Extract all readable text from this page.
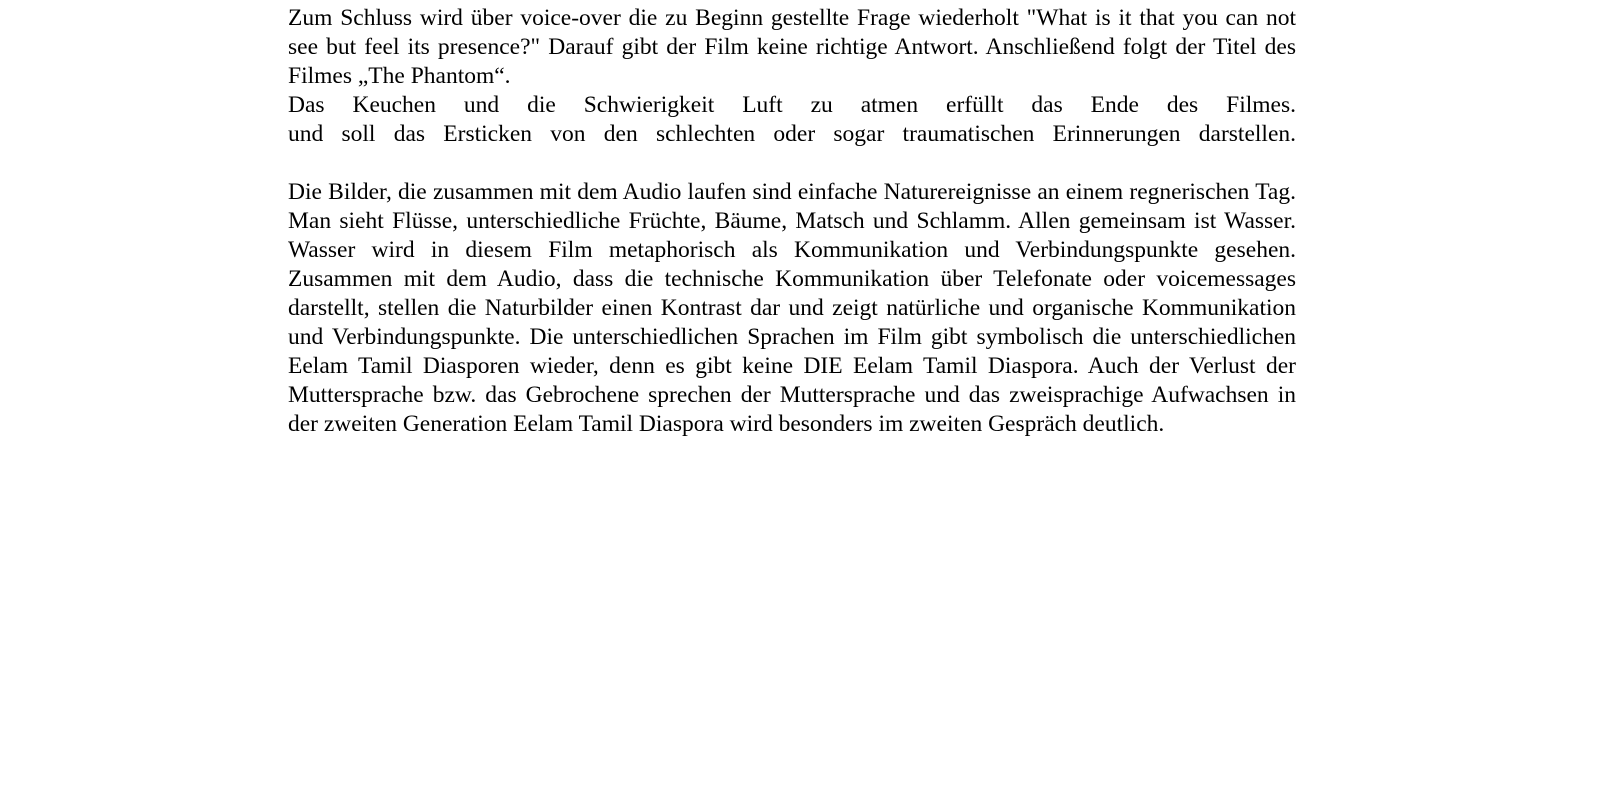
Zum Schluss wird über voice-over die zu Beginn gestellte Frage wiederholt "What is it that you can not see but feel its presence?" Darauf gibt der Film keine richtige Antwort. Anschließend folgt der Titel des Filmes „The Phantom“.

Das Keuchen und die Schwierigkeit Luft zu atmen erfüllt das Ende des Filmes.

und soll das Ersticken von den schlechten oder sogar traumatischen Erinnerungen darstellen.

Die Bilder, die zusammen mit dem Audio laufen sind einfache Naturereignisse an einem regnerischen Tag. Man sieht Flüsse, unterschiedliche Früchte, Bäume, Matsch und Schlamm. Allen gemeinsam ist Wasser. Wasser wird in diesem Film metaphorisch als Kommunikation und Verbindungspunkte gesehen. Zusammen mit dem Audio, dass die technische Kommunikation über Telefonate oder voicemessages darstellt, stellen die Naturbilder einen Kontrast dar und zeigt natürliche und organische Kommunikation und Verbindungspunkte. Die unterschiedlichen Sprachen im Film gibt symbolisch die unterschiedlichen Eelam Tamil Diasporen wieder, denn es gibt keine DIE Eelam Tamil Diaspora. Auch der Verlust der Muttersprache bzw. das Gebrochene sprechen der Muttersprache und das zweisprachige Aufwachsen in der zweiten Generation Eelam Tamil Diaspora wird besonders im zweiten Gespräch deutlich.
